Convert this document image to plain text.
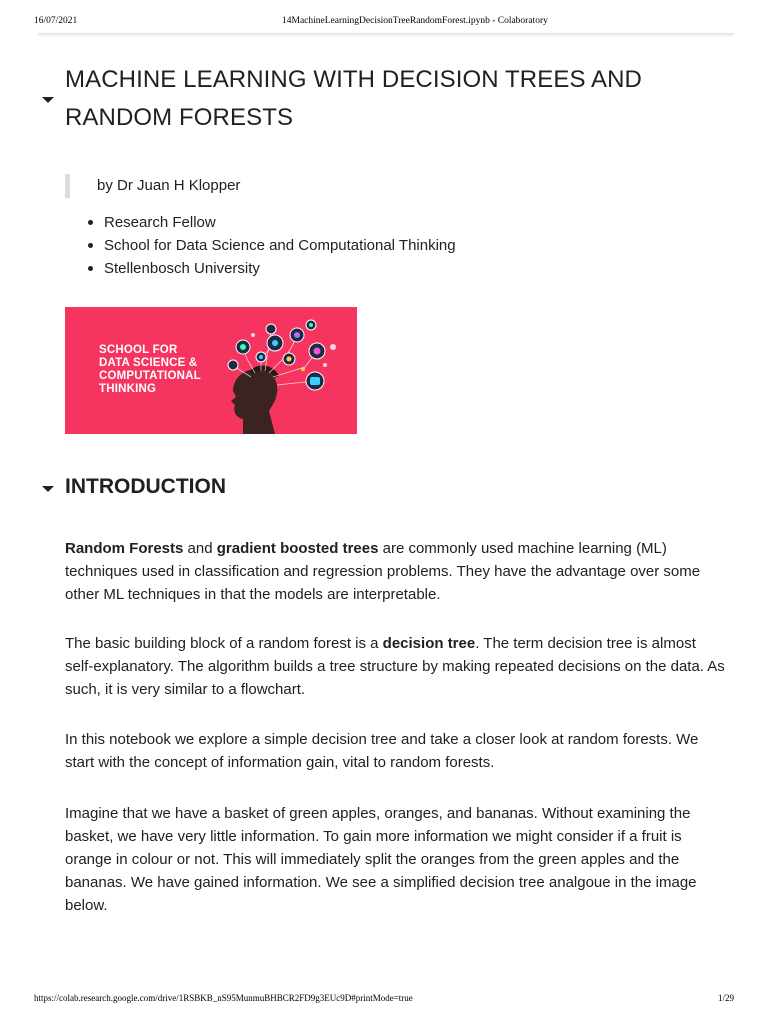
16/07/2021	14MachineLearningDecisionTreeRandomForest.ipynb - Colaboratory
MACHINE LEARNING WITH DECISION TREES AND
RANDOM FORESTS
by Dr Juan H Klopper
Research Fellow
School for Data Science and Computational Thinking
Stellenbosch University
SCHOOL FOR
DATA SCIENCE &
COMPUTATIONAL
THINKING
INTRODUCTION

Random Forests and gradient boosted trees are commonly used machine learning (ML) techniques used in classification and regression problems. They have the advantage over some other ML techniques in that the models are interpretable.

The basic building block of a random forest is a decision tree. The term decision tree is almost self-explanatory. The algorithm builds a tree structure by making repeated decisions on the data. As such, it is very similar to a flowchart.

In this notebook we explore a simple decision tree and take a closer look at random forests. We start with the concept of information gain, vital to random forests.

Imagine that we have a basket of green apples, oranges, and bananas. Without examining the basket, we have very little information. To gain more information we might consider if a fruit is orange in colour or not. This will immediately split the oranges from the green apples and the bananas. We have gained information. We see a simplified decision tree analgoue in the image below.

https://colab.research.google.com/drive/1RSBKB_nS95MunmuBHBCR2FD9g3EUc9D#printMode=true	1/29
